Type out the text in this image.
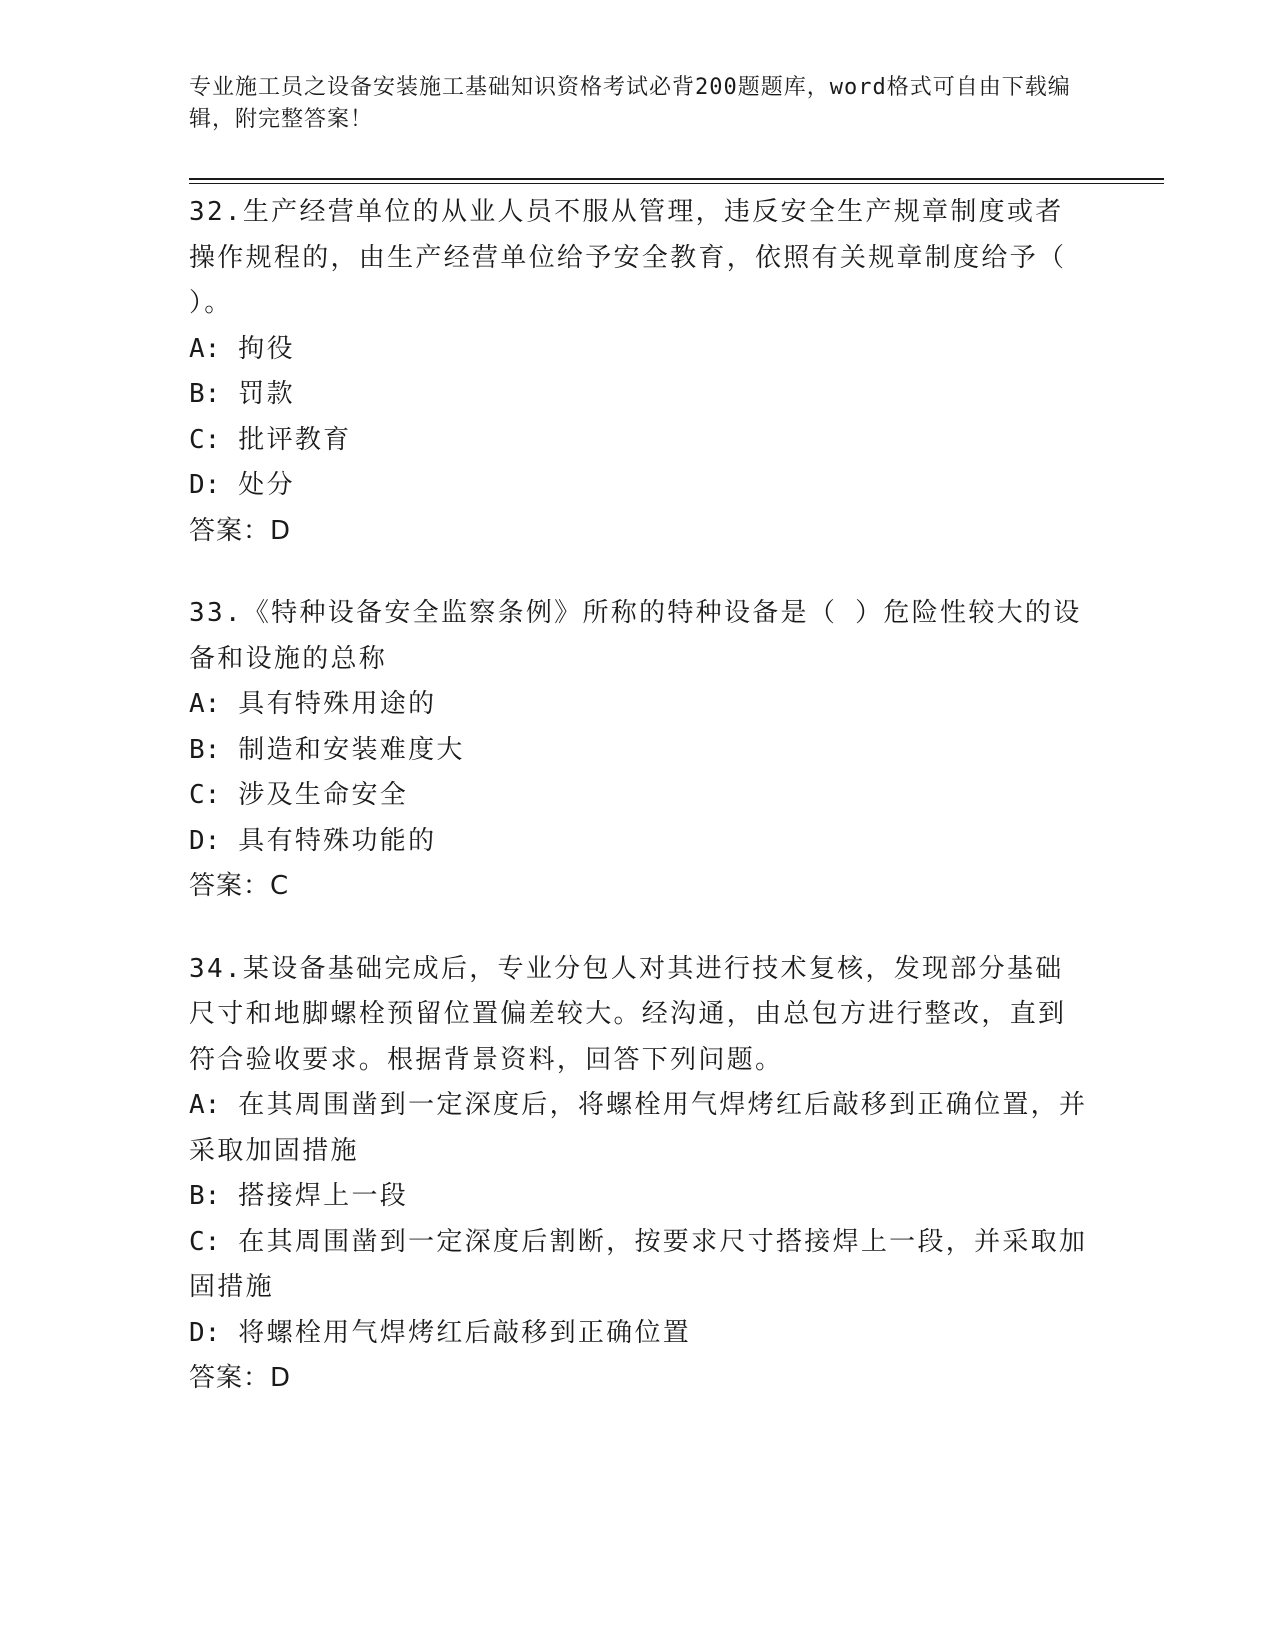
专业施工员之设备安装施工基础知识资格考试必背200题题库，word格式可自由下载编辑，附完整答案！

32.生产经营单位的从业人员不服从管理，违反安全生产规章制度或者操作规程的，由生产经营单位给予安全教育，依照有关规章制度给予（ ）。

A: 拘役

B: 罚款

C: 批评教育

D: 处分

答案：D

33.《特种设备安全监察条例》所称的特种设备是（ ）危险性较大的设备和设施的总称

A: 具有特殊用途的

B: 制造和安装难度大

C: 涉及生命安全

D: 具有特殊功能的

答案：C

34.某设备基础完成后，专业分包人对其进行技术复核，发现部分基础尺寸和地脚螺栓预留位置偏差较大。经沟通，由总包方进行整改，直到符合验收要求。根据背景资料，回答下列问题。

A: 在其周围凿到一定深度后，将螺栓用气焊烤红后敲移到正确位置，并采取加固措施

B: 搭接焊上一段

C: 在其周围凿到一定深度后割断，按要求尺寸搭接焊上一段，并采取加固措施

D: 将螺栓用气焊烤红后敲移到正确位置

答案：D
